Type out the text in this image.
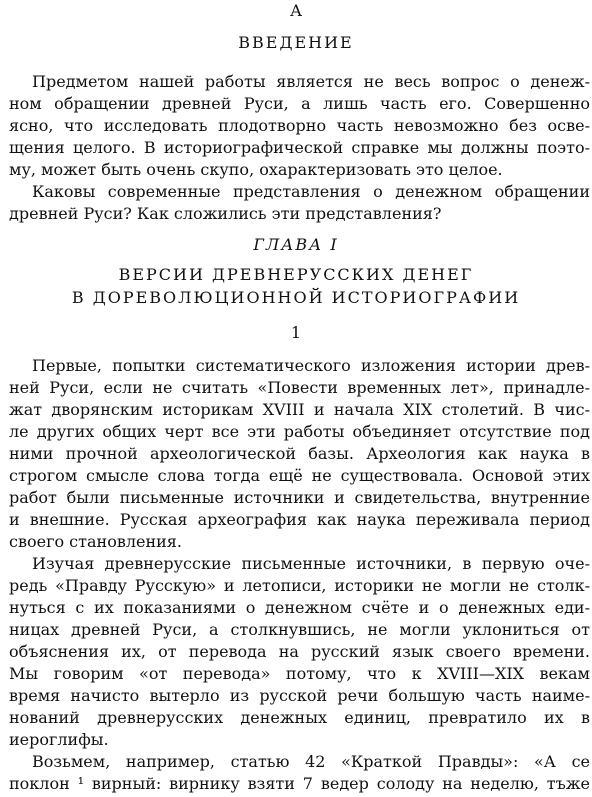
А
ВВЕДЕНИЕ
Предметом нашей работы является не весь вопрос о денеж-
ном обращении древней Руси, а лишь часть его. Совершенно
ясно, что исследовать плодотворно часть невозможно без осве-
щения целого. В историографической справке мы должны поэто-
му, может быть очень скупо, охарактеризовать это целое.
Каковы современные представления о денежном обращении
древней Руси? Как сложились эти представления?
ГЛАВА I
ВЕРСИИ ДРЕВНЕРУССКИХ ДЕНЕГ
В ДОРЕВОЛЮЦИОННОЙ ИСТОРИОГРАФИИ
1
Первые, попытки систематического изложения истории древ-
ней Руси, если не считать «Повести временных лет», принадле-
жат дворянским историкам XVIII и начала XIX столетий. В чис-
ле других общих черт все эти работы объединяет отсутствие под
ними прочной археологической базы. Археология как наука в
строгом смысле слова тогда ещё не существовала. Основой этих
работ были письменные источники и свидетельства, внутренние
и внешние. Русская археография как наука переживала период
своего становления.
Изучая древнерусские письменные источники, в первую оче-
редь «Правду Русскую» и летописи, историки не могли не столк-
нуться с их показаниями о денежном счёте и о денежных еди-
ницах древней Руси, а столкнувшись, не могли уклониться от
объяснения их, от перевода на русский язык своего времени.
Мы говорим «от перевода» потому, что к XVIII—XIX векам
время начисто вытерло из русской речи большую часть наиме-
нований древнерусских денежных единиц, превратило их в
иероглифы.
Возьмем, например, статью 42 «Краткой Правды»: «А се
поклон ¹ вирный: вирнику взяти 7 ведер солоду на неделю, тъже
